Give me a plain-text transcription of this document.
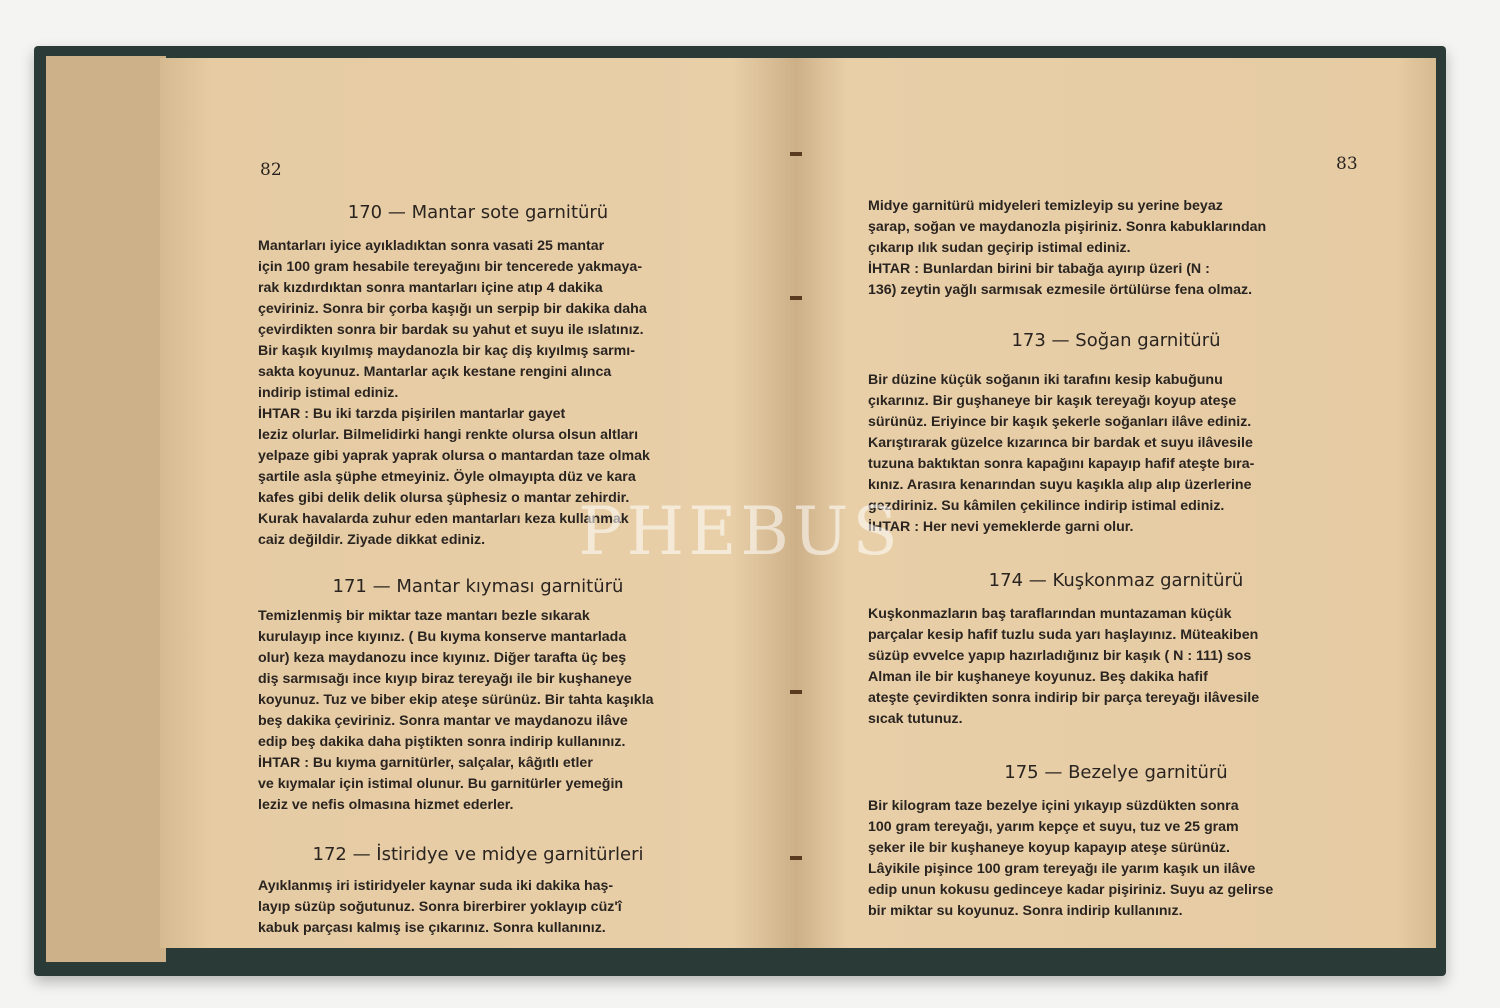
82
170 — Mantar sote garnitürü
Mantarları iyice ayıkladıktan sonra vasati 25 mantar
için 100 gram hesabile tereyağını bir tencerede yakmaya-
rak kızdırdıktan sonra mantarları içine atıp 4 dakika
çeviriniz. Sonra bir çorba kaşığı un serpip bir dakika daha
çevirdikten sonra bir bardak su yahut et suyu ile ıslatınız.
Bir kaşık kıyılmış maydanozla bir kaç diş kıyılmış sarmı-
sakta koyunuz. Mantarlar açık kestane rengini alınca
indirip istimal ediniz.
İHTAR : Bu iki tarzda pişirilen mantarlar gayet
leziz olurlar. Bilmelidirki hangi renkte olursa olsun altları
yelpaze gibi yaprak yaprak olursa o mantardan taze olmak
şartile asla şüphe etmeyiniz. Öyle olmayıpta düz ve kara
kafes gibi delik delik olursa şüphesiz o mantar zehirdir.
Kurak havalarda zuhur eden mantarları keza kullanmak
caiz değildir. Ziyade dikkat ediniz.
171 — Mantar kıyması garnitürü
Temizlenmiş bir miktar taze mantarı bezle sıkarak
kurulayıp ince kıyınız. ( Bu kıyma konserve mantarlada
olur) keza maydanozu ince kıyınız. Diğer tarafta üç beş
diş sarmısağı ince kıyıp biraz tereyağı ile bir kuşhaneye
koyunuz. Tuz ve biber ekip ateşe sürünüz. Bir tahta kaşıkla
beş dakika çeviriniz. Sonra mantar ve maydanozu ilâve
edip beş dakika daha piştikten sonra indirip kullanınız.
İHTAR : Bu kıyma garnitürler, salçalar, kâğıtlı etler
ve kıymalar için istimal olunur. Bu garnitürler yemeğin
leziz ve nefis olmasına hizmet ederler.
172 — İstiridye ve midye garnitürleri
Ayıklanmış iri istiridyeler kaynar suda iki dakika haş-
layıp süzüp soğutunuz. Sonra birerbirer yoklayıp cüz'î
kabuk parçası kalmış ise çıkarınız. Sonra kullanınız.
83
Midye garnitürü midyeleri temizleyip su yerine beyaz
şarap, soğan ve maydanozla pişiriniz. Sonra kabuklarından
çıkarıp ılık sudan geçirip istimal ediniz.
İHTAR : Bunlardan birini bir tabağa ayırıp üzeri (N :
136) zeytin yağlı sarmısak ezmesile örtülürse fena olmaz.
173 — Soğan garnitürü
Bir düzine küçük soğanın iki tarafını kesip kabuğunu
çıkarınız. Bir guşhaneye bir kaşık tereyağı koyup ateşe
sürünüz. Eriyince bir kaşık şekerle soğanları ilâve ediniz.
Karıştırarak güzelce kızarınca bir bardak et suyu ilâvesile
tuzuna baktıktan sonra kapağını kapayıp hafif ateşte bıra-
kınız. Arasıra kenarından suyu kaşıkla alıp alıp üzerlerine
gezdiriniz. Su kâmilen çekilince indirip istimal ediniz.
İHTAR : Her nevi yemeklerde garni olur.
174 — Kuşkonmaz garnitürü
Kuşkonmazların baş taraflarından muntazaman küçük
parçalar kesip hafif tuzlu suda yarı haşlayınız. Müteakiben
süzüp evvelce yapıp hazırladığınız bir kaşık ( N : 111) sos
Alman ile bir kuşhaneye koyunuz. Beş dakika hafif
ateşte çevirdikten sonra indirip bir parça tereyağı ilâvesile
sıcak tutunuz.
175 — Bezelye garnitürü
Bir kilogram taze bezelye içini yıkayıp süzdükten sonra
100 gram tereyağı, yarım kepçe et suyu, tuz ve 25 gram
şeker ile bir kuşhaneye koyup kapayıp ateşe sürünüz.
Lâyikile pişince 100 gram tereyağı ile yarım kaşık un ilâve
edip unun kokusu gedinceye kadar pişiriniz. Suyu az gelirse
bir miktar su koyunuz. Sonra indirip kullanınız.
PHEBUS
